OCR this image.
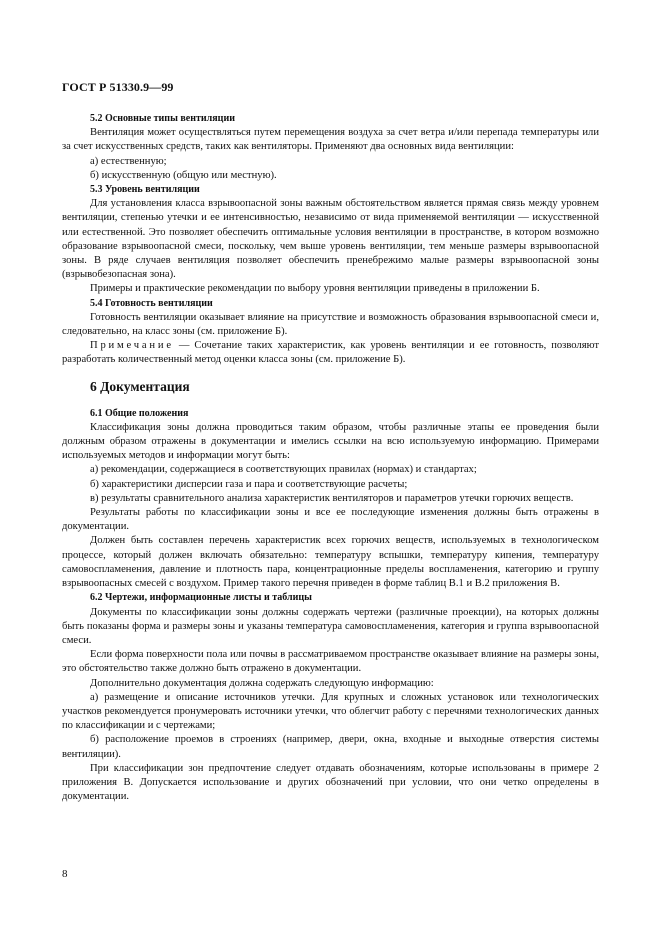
ГОСТ Р 51330.9—99

5.2 Основные типы вентиляции

Вентиляция может осуществляться путем перемещения воздуха за счет ветра и/или перепада температуры или за счет искусственных средств, таких как вентиляторы. Применяют два основных вида вентиляции:

а) естественную;

б) искусственную (общую или местную).

5.3 Уровень вентиляции

Для установления класса взрывоопасной зоны важным обстоятельством является прямая связь между уровнем вентиляции, степенью утечки и ее интенсивностью, независимо от вида применяемой вентиляции — искусственной или естественной. Это позволяет обеспечить оптимальные условия вентиляции в пространстве, в котором возможно образование взрывоопасной смеси, поскольку, чем выше уровень вентиляции, тем меньше размеры взрывоопасной зоны. В ряде случаев вентиляция позволяет обеспечить пренебрежимо малые размеры взрывоопасной зоны (взрывобезопасная зона).

Примеры и практические рекомендации по выбору уровня вентиляции приведены в приложении Б.

5.4 Готовность вентиляции

Готовность вентиляции оказывает влияние на присутствие и возможность образования взрывоопасной смеси и, следовательно, на класс зоны (см. приложение Б).

Примечание — Сочетание таких характеристик, как уровень вентиляции и ее готовность, позволяют разработать количественный метод оценки класса зоны (см. приложение Б).

6 Документация

6.1 Общие положения

Классификация зоны должна проводиться таким образом, чтобы различные этапы ее проведения были должным образом отражены в документации и имелись ссылки на всю используемую информацию. Примерами используемых методов и информации могут быть:

а) рекомендации, содержащиеся в соответствующих правилах (нормах) и стандартах;

б) характеристики дисперсии газа и пара и соответствующие расчеты;

в) результаты сравнительного анализа характеристик вентиляторов и параметров утечки горючих веществ.

Результаты работы по классификации зоны и все ее последующие изменения должны быть отражены в документации.

Должен быть составлен перечень характеристик всех горючих веществ, используемых в технологическом процессе, который должен включать обязательно: температуру вспышки, температуру кипения, температуру самовоспламенения, давление и плотность пара, концентрационные пределы воспламенения, категорию и группу взрывоопасных смесей с воздухом. Пример такого перечня приведен в форме таблиц В.1 и В.2 приложения В.

6.2 Чертежи, информационные листы и таблицы

Документы по классификации зоны должны содержать чертежи (различные проекции), на которых должны быть показаны форма и размеры зоны и указаны температура самовоспламенения, категория и группа взрывоопасной смеси.

Если форма поверхности пола или почвы в рассматриваемом пространстве оказывает влияние на размеры зоны, это обстоятельство также должно быть отражено в документации.

Дополнительно документация должна содержать следующую информацию:

а) размещение и описание источников утечки. Для крупных и сложных установок или технологических участков рекомендуется пронумеровать источники утечки, что облегчит работу с перечнями технологических данных по классификации и с чертежами;

б) расположение проемов в строениях (например, двери, окна, входные и выходные отверстия системы вентиляции).

При классификации зон предпочтение следует отдавать обозначениям, которые использованы в примере 2 приложения В. Допускается использование и других обозначений при условии, что они четко определены в документации.

8
